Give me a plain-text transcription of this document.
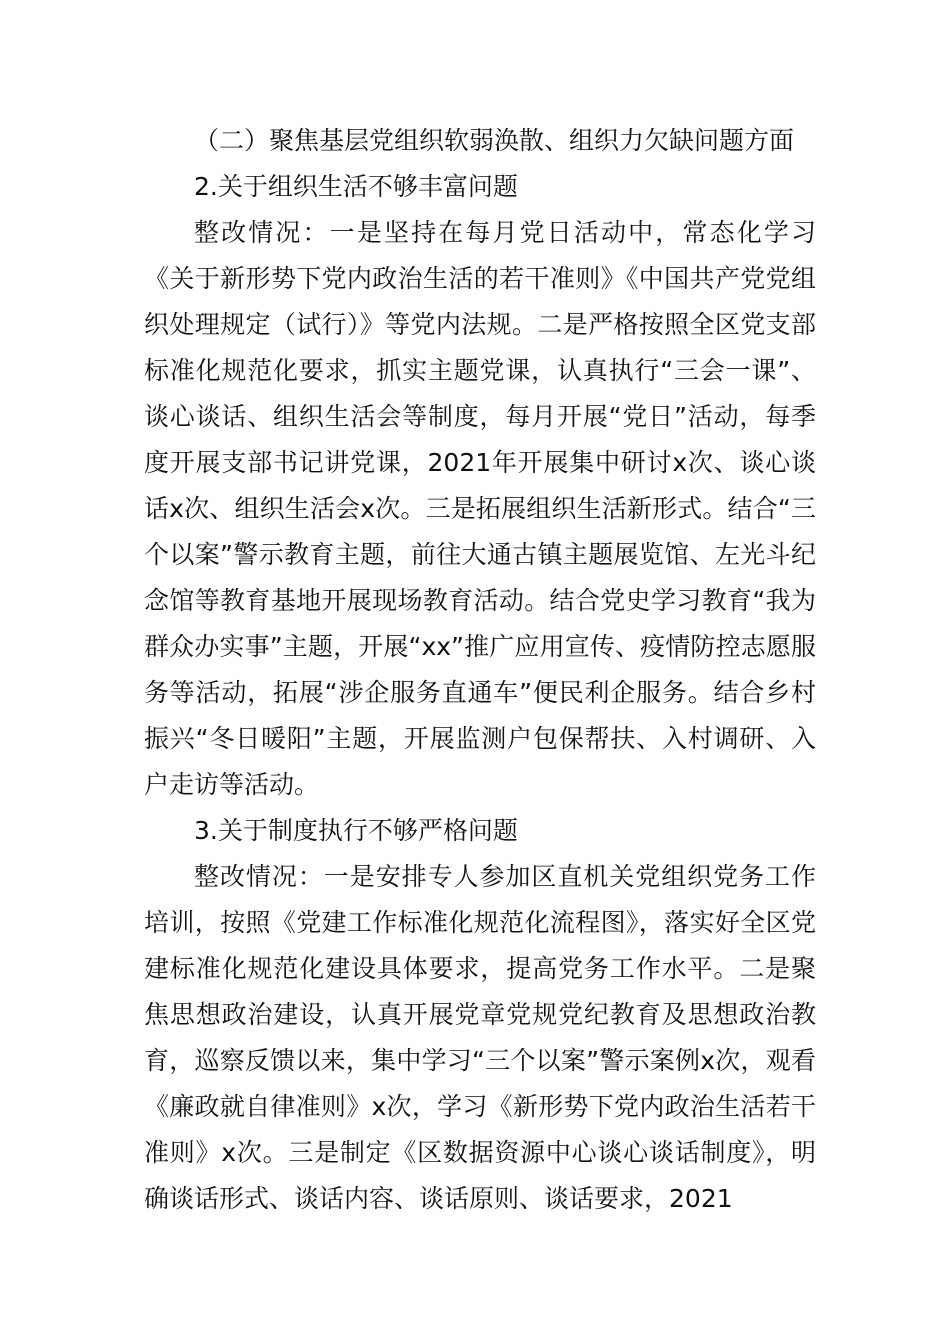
（二）聚焦基层党组织软弱涣散、组织力欠缺问题方面

2.关于组织生活不够丰富问题

整改情况：一是坚持在每月党日活动中，常态化学习《关于新形势下党内政治生活的若干准则》《中国共产党党组织处理规定（试行）》等党内法规。二是严格按照全区党支部标准化规范化要求，抓实主题党课，认真执行“三会一课”、谈心谈话、组织生活会等制度，每月开展“党日”活动，每季度开展支部书记讲党课，2021年开展集中研讨x次、谈心谈话x次、组织生活会x次。三是拓展组织生活新形式。结合“三个以案”警示教育主题，前往大通古镇主题展览馆、左光斗纪念馆等教育基地开展现场教育活动。结合党史学习教育“我为群众办实事”主题，开展“xx”推广应用宣传、疫情防控志愿服务等活动，拓展“涉企服务直通车”便民利企服务。结合乡村振兴“冬日暖阳”主题，开展监测户包保帮扶、入村调研、入户走访等活动。

3.关于制度执行不够严格问题

整改情况：一是安排专人参加区直机关党组织党务工作培训，按照《党建工作标准化规范化流程图》，落实好全区党建标准化规范化建设具体要求，提高党务工作水平。二是聚焦思想政治建设，认真开展党章党规党纪教育及思想政治教育，巡察反馈以来，集中学习“三个以案”警示案例x次，观看《廉政就自律准则》x次，学习《新形势下党内政治生活若干准则》x次。三是制定《区数据资源中心谈心谈话制度》，明确谈话形式、谈话内容、谈话原则、谈话要求，2021
